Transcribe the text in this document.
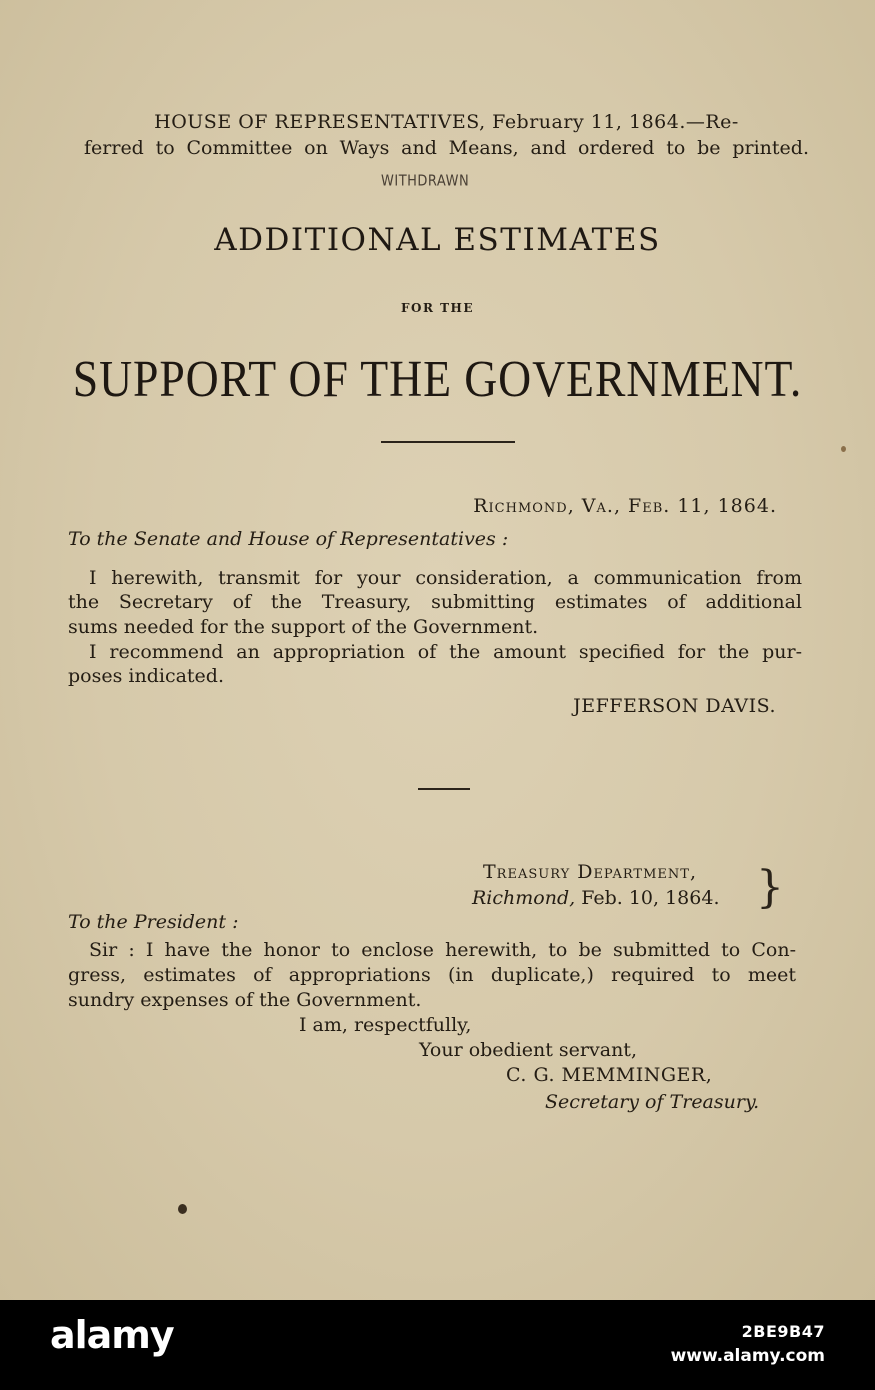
HOUSE OF REPRESENTATIVES, February 11, 1864.—Re-
ferred to Committee on Ways and Means, and ordered to be printed.
WITHDRAWN
ADDITIONAL ESTIMATES
FOR THE
SUPPORT OF THE GOVERNMENT.
Richmond, Va., Feb. 11, 1864.
To the Senate and House of Representatives :
I herewith, transmit for your consideration, a communication from
the Secretary of the Treasury, submitting estimates of additional
sums needed for the support of the Government.
I recommend an appropriation of the amount specified for the pur-
poses indicated.
JEFFERSON DAVIS.
Treasury Department,
Richmond, Feb. 10, 1864. }
To the President :
Sir : I have the honor to enclose herewith, to be submitted to Con-
gress, estimates of appropriations (in duplicate,) required to meet
sundry expenses of the Government.
I am, respectfully,
Your obedient servant,
C. G. MEMMINGER,
Secretary of Treasury.
alamy	2BE9B47
www.alamy.com
